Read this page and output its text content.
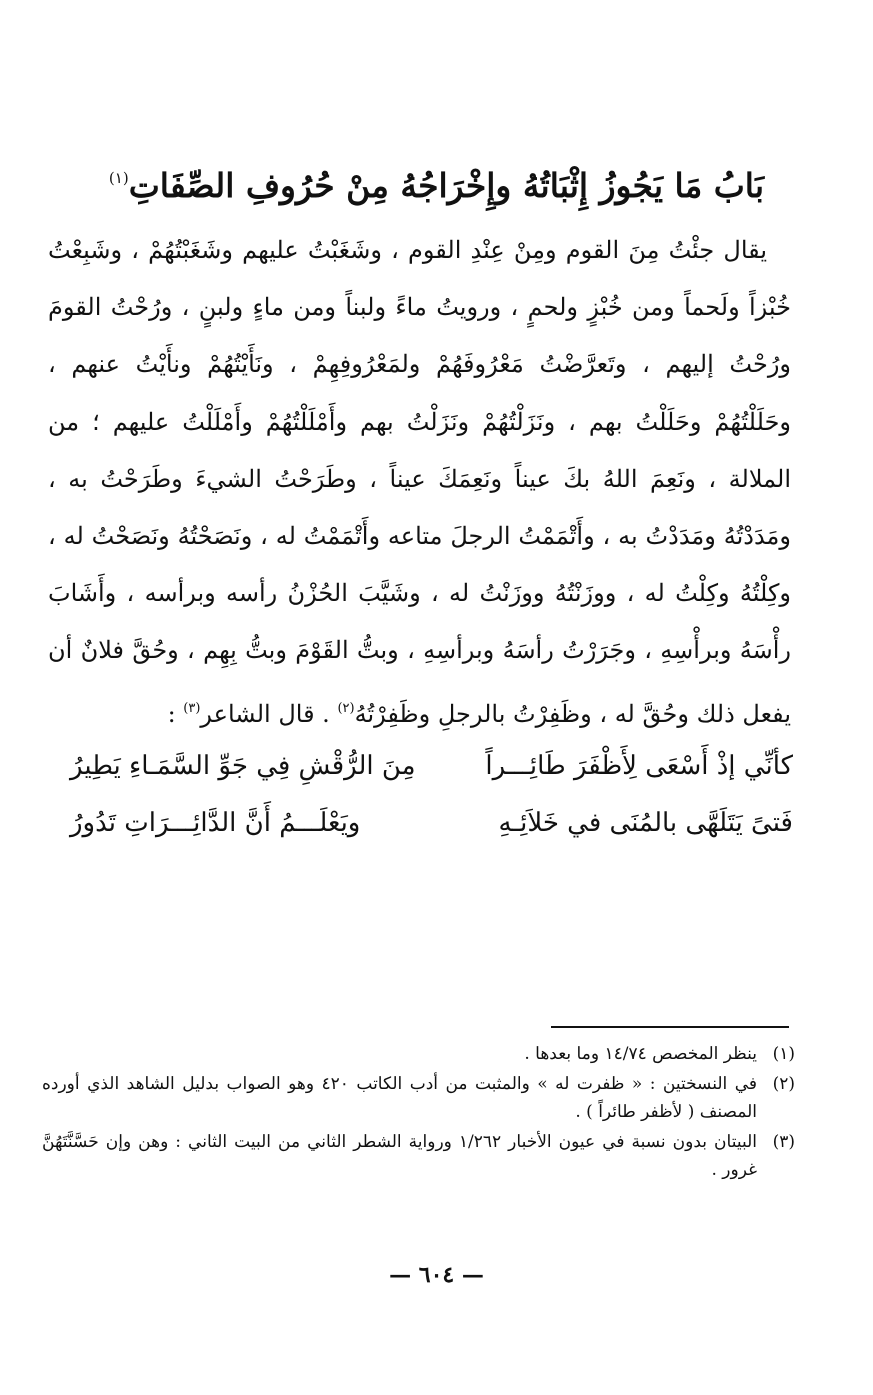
بَابُ مَا يَجُوزُ إِثْبَاتُهُ وإِخْرَاجُهُ مِنْ حُرُوفِ الصِّفَاتِ$^{(١)}$

يقال جئْتُ مِنَ القوم ومِنْ عِنْدِ القوم ، وشَغَبْتُ عليهم وشَغَبْتُهُمْ ، وشَبِعْتُ خُبْزاً ولَحماً ومن خُبْزٍ ولحمٍ ، ورويتُ ماءً ولبناً ومن ماءٍ ولبنٍ ، ورُحْتُ القومَ ورُحْتُ إليهم ، وتَعرَّضْتُ مَعْرُوفَهُمْ ولمَعْرُوفِهِمْ ، ونَأَيْتُهُمْ ونأَيْتُ عنهم ، وحَلَلْتُهُمْ وحَلَلْتُ بهم ، ونَزَلْتُهُمْ ونَزَلْتُ بهم وأَمْلَلْتُهُمْ وأَمْلَلْتُ عليهم ؛ من الملالة ، ونَعِمَ اللهُ بكَ عيناً ونَعِمَكَ عيناً ، وطَرَحْتُ الشيءَ وطَرَحْتُ به ، ومَدَدْتُهُ ومَدَدْتُ به ، وأَتْمَمْتُ الرجلَ متاعه وأَتْمَمْتُ له ، ونَصَحْتُهُ ونَصَحْتُ له ، وكِلْتُهُ وكِلْتُ له ، ووزَنْتُهُ ووزَنْتُ له ، وشَيَّبَ الحُزْنُ رأسه وبرأسه ، وأَشَابَ رأْسَهُ وبرأْسِهِ ، وجَرَرْتُ رأسَهُ وبرأسِهِ ، وبتُّ القَوْمَ وبتُّ بِهِم ، وحُقَّ فلانٌ أن يفعل ذلك وحُقَّ له ، وظَفِرْتُ بالرجلِ وظَفِرْتُهُ$^{(٢)}$ . قال الشاعر$^{(٣)}$ :

كأنِّي إذْ أَسْعَى لِأَظْفَرَ طَائِـــراً
مِنَ الرُّقْشِ فِي جَوِّ السَّمَـاءِ يَطِيرُ
فَتىً يَتَلَهَّى بالمُنَى في خَلاَئِـهِ
ويَعْلَـــمُ أَنَّ الدَّائِـــرَاتِ تَدُورُ
(١)
ينظر المخصص ١٤/٧٤ وما بعدها .
(٢)
في النسختين : « ظفرت له » والمثبت من أدب الكاتب ٤٢٠ وهو الصواب بدليل الشاهد الذي أورده المصنف ( لأظفر طائراً ) .
(٣)
البيتان بدون نسبة في عيون الأخبار ١/٢٦٢ ورواية الشطر الثاني من البيت الثاني : وهن وإن حَسَّنَّتَهُنَّ غرور .
— ٦٠٤ —
